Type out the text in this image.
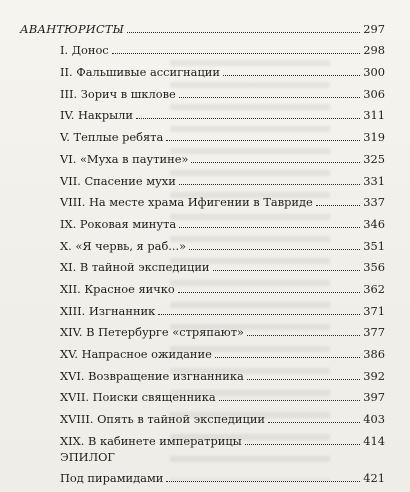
АВАНТЮРИСТЫ	297
I. Донос	298
II. Фальшивые ассигнации	300
III. Зорич в шклове	306
IV. Накрыли	311
V. Теплые ребята	319
VI. «Муха в паутине»	325
VII. Спасение мухи	331
VIII. На месте храма Ифигении в Тавриде	337
IX. Роковая минута	346
X. «Я червь, я раб...»	351
XI. В тайной экспедиции	356
XII. Красное яичко	362
XIII. Изгнанник	371
XIV. В Петербурге «стряпают»	377
XV. Напрасное ожидание	386
XVI. Возвращение изгнанника	392
XVII. Поиски священника	397
XVIII. Опять в тайной экспедиции	403
XIX. В кабинете императрицы	414
ЭПИЛОГ
Под пирамидами	421
